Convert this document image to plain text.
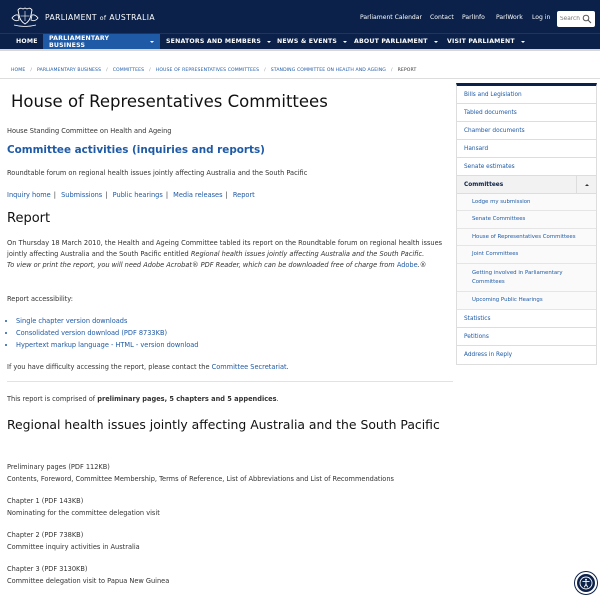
PARLIAMENT of AUSTRALIA	Parliament Calendar Contact ParlInfo ParlWork Log in
Search
HOME PARLIAMENTARY BUSINESS	SENATORS AND MEMBERS	NEWS & EVENTS	ABOUT PARLIAMENT	VISIT PARLIAMENT
HOME / PARLIAMENTARY BUSINESS / COMMITTEES / HOUSE OF REPRESENTATIVES COMMITTEES / STANDING COMMITTEE ON HEALTH AND AGEING / REPORT
House of Representatives Committees
House Standing Committee on Health and Ageing
Committee activities (inquiries and reports)
Roundtable forum on regional health issues jointly affecting Australia and the South Pacific
Inquiry home | Submissions | Public hearings | Media releases | Report
Report
On Thursday 18 March 2010, the Health and Ageing Committee tabled its report on the Roundtable forum on regional health issues jointly affecting Australia and the South Pacific entitled Regional health issues jointly affecting Australia and the South Pacific.
To view or print the report, you will need Adobe Acrobat® PDF Reader, which can be downloaded free of charge from Adobe.®
Report accessibility:
• Single chapter version downloads
• Consolidated version download (PDF 8733KB)
• Hypertext markup language - HTML - version download
If you have difficulty accessing the report, please contact the Committee Secretariat.
This report is comprised of preliminary pages, 5 chapters and 5 appendices.
Regional health issues jointly affecting Australia and the South Pacific
Preliminary pages (PDF 112KB)
Contents, Foreword, Committee Membership, Terms of Reference, List of Abbreviations and List of Recommendations
Chapter 1 (PDF 143KB)
Nominating for the committee delegation visit
Chapter 2 (PDF 738KB)
Committee inquiry activities in Australia
Chapter 3 (PDF 3130KB)
Committee delegation visit to Papua New Guinea
Bills and Legislation
Tabled documents
Chamber documents
Hansard
Senate estimates
Committees
Lodge my submission
Senate Committees
House of Representatives Committees
Joint Committees
Getting involved in Parliamentary Committees
Upcoming Public Hearings
Statistics
Petitions
Address in Reply
